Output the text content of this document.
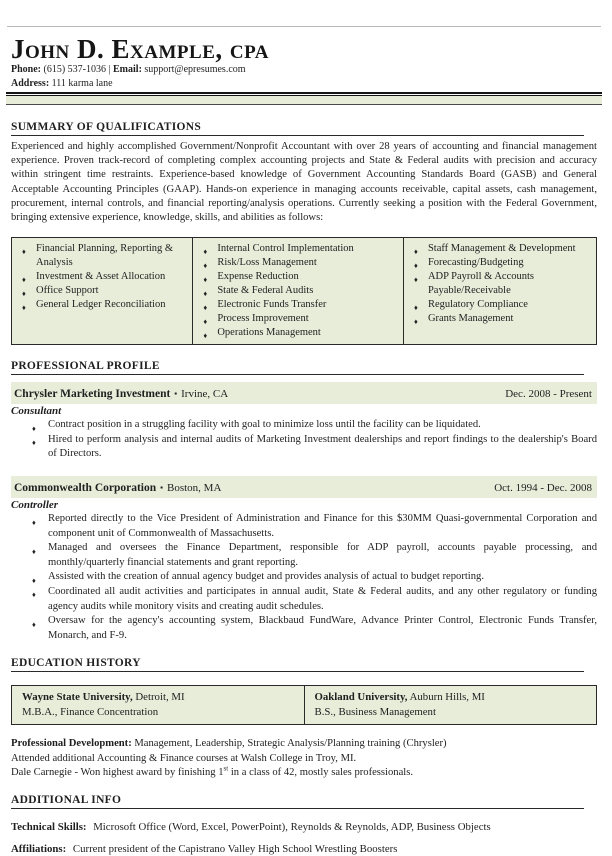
John D. Example, cpa
Phone: (615) 537-1036 | Email: support@epresumes.com
Address: 111 karma lane
SUMMARY OF QUALIFICATIONS

Experienced and highly accomplished Government/Nonprofit Accountant with over 28 years of accounting and financial management experience. Proven track-record of completing complex accounting projects and State & Federal audits with precision and accuracy within stringent time restraints. Experience-based knowledge of Government Accounting Standards Board (GASB) and General Acceptable Accounting Principles (GAAP). Hands-on experience in managing accounts receivable, capital assets, cash management, procurement, internal controls, and financial reporting/analysis operations. Currently seeking a position with the Federal Government, bringing extensive experience, knowledge, skills, and abilities as follows:

♦ Financial Planning, Reporting & Analysis
♦ Investment & Asset Allocation
♦ Office Support
♦ General Ledger Reconciliation

♦ Internal Control Implementation
♦ Risk/Loss Management
♦ Expense Reduction
♦ State & Federal Audits
♦ Electronic Funds Transfer
♦ Process Improvement
♦ Operations Management

♦ Staff Management & Development
♦ Forecasting/Budgeting
♦ ADP Payroll & Accounts Payable/Receivable
♦ Regulatory Compliance
♦ Grants Management
PROFESSIONAL PROFILE
Chrysler Marketing Investment ▪ Irvine, CA	Dec. 2008 - Present
Consultant
♦ Contract position in a struggling facility with goal to minimize loss until the facility can be liquidated.
♦ Hired to perform analysis and internal audits of Marketing Investment dealerships and report findings to the dealership's Board of Directors.
Commonwealth Corporation ▪ Boston, MA	Oct. 1994 - Dec. 2008
Controller
♦ Reported directly to the Vice President of Administration and Finance for this $30MM Quasi-governmental Corporation and component unit of Commonwealth of Massachusetts.
♦ Managed and oversees the Finance Department, responsible for ADP payroll, accounts payable processing, and monthly/quarterly financial statements and grant reporting.
♦ Assisted with the creation of annual agency budget and provides analysis of actual to budget reporting.
♦ Coordinated all audit activities and participates in annual audit, State & Federal audits, and any other regulatory or funding agency audits while monitory visits and creating audit schedules.
♦ Oversaw for the agency's accounting system, Blackbaud FundWare, Advance Printer Control, Electronic Funds Transfer, Monarch, and F-9.
EDUCATION HISTORY
Wayne State University, Detroit, MI
M.B.A., Finance Concentration

Oakland University, Auburn Hills, MI
B.S., Business Management

Professional Development: Management, Leadership, Strategic Analysis/Planning training (Chrysler)
Attended additional Accounting & Finance courses at Walsh College in Troy, MI.
Dale Carnegie - Won highest award by finishing 1st in a class of 42, mostly sales professionals.

ADDITIONAL INFO
Technical Skills: Microsoft Office (Word, Excel, PowerPoint), Reynolds & Reynolds, ADP, Business Objects
Affiliations: Current president of the Capistrano Valley High School Wrestling Boosters
